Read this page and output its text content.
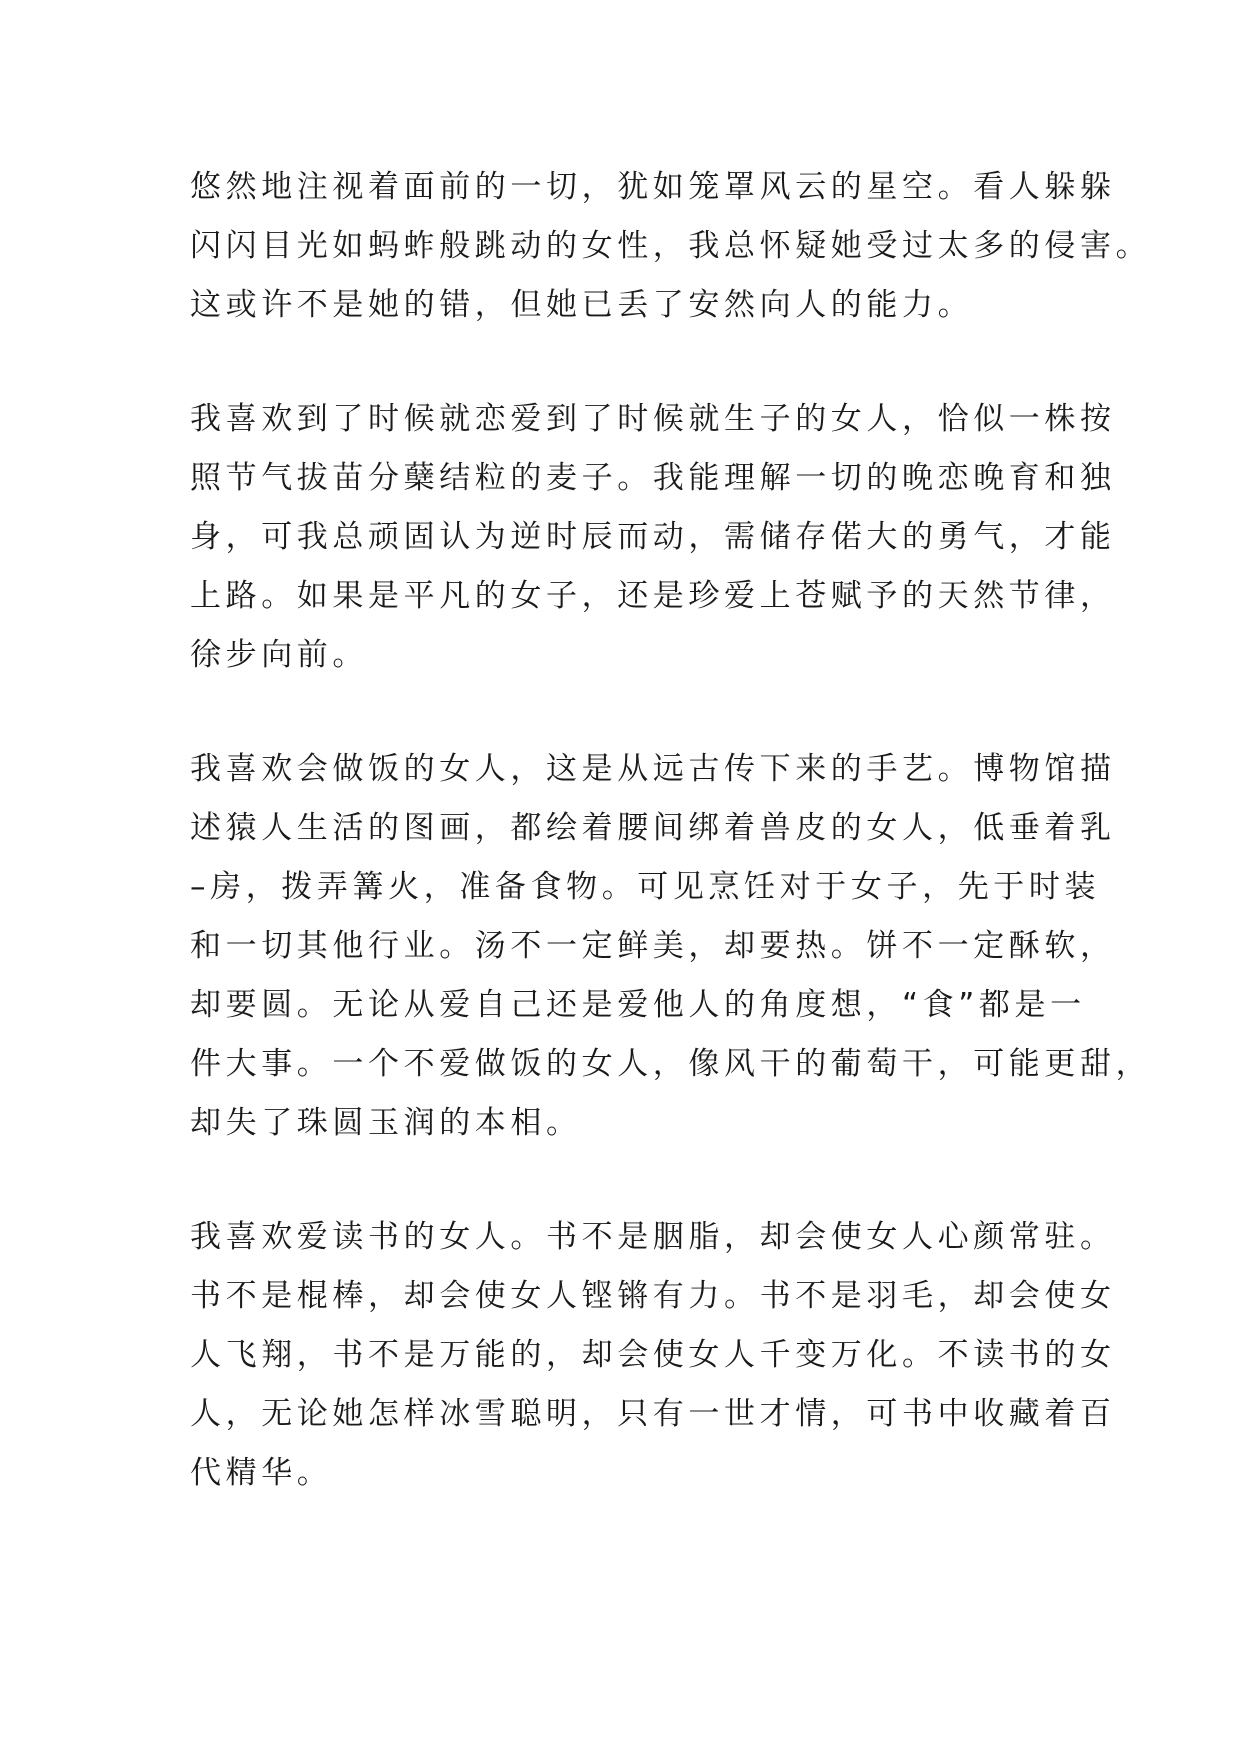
悠然地注视着面前的一切，犹如笼罩风云的星空。看人躲躲
闪闪目光如蚂蚱般跳动的女性，我总怀疑她受过太多的侵害。
这或许不是她的错，但她已丢了安然向人的能力。

我喜欢到了时候就恋爱到了时候就生子的女人，恰似一株按
照节气拔苗分蘖结粒的麦子。我能理解一切的晚恋晚育和独
身，可我总顽固认为逆时辰而动，需储存偌大的勇气，才能
上路。如果是平凡的女子，还是珍爱上苍赋予的天然节律，
徐步向前。

我喜欢会做饭的女人，这是从远古传下来的手艺。博物馆描
述猿人生活的图画，都绘着腰间绑着兽皮的女人，低垂着乳
–房，拨弄篝火，准备食物。可见烹饪对于女子，先于时装
和一切其他行业。汤不一定鲜美，却要热。饼不一定酥软，
却要圆。无论从爱自己还是爱他人的角度想，“食”都是一
件大事。一个不爱做饭的女人，像风干的葡萄干，可能更甜，
却失了珠圆玉润的本相。

我喜欢爱读书的女人。书不是胭脂，却会使女人心颜常驻。
书不是棍棒，却会使女人铿锵有力。书不是羽毛，却会使女
人飞翔，书不是万能的，却会使女人千变万化。不读书的女
人，无论她怎样冰雪聪明，只有一世才情，可书中收藏着百
代精华。
